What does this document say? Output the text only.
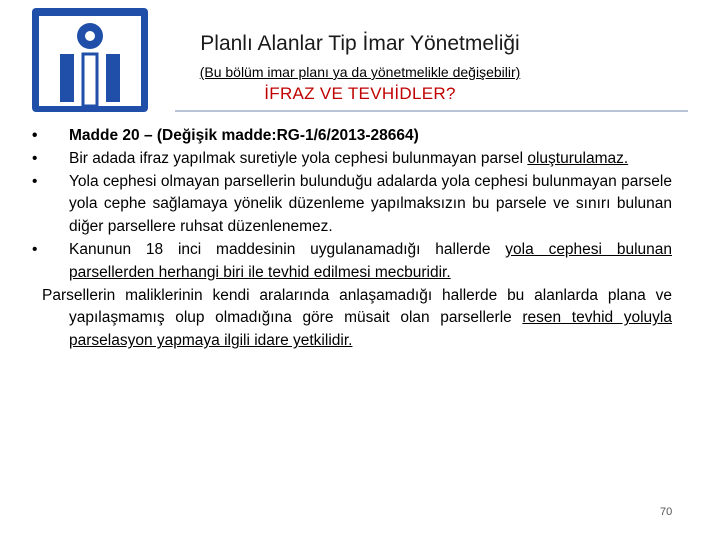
Planlı Alanlar Tip İmar Yönetmeliği
(Bu bölüm imar planı ya da yönetmelikle değişebilir)
İFRAZ VE TEVHİDLER?
• Madde 20 – (Değişik madde:RG-1/6/2013-28664)
• Bir adada ifraz yapılmak suretiyle yola cephesi bulunmayan parsel oluşturulamaz.
• Yola cephesi olmayan parsellerin bulunduğu adalarda yola cephesi bulunmayan parsele yola cephe sağlamaya yönelik düzenleme yapılmaksızın bu parsele ve sınırı bulunan diğer parsellere ruhsat düzenlenemez.
• Kanunun 18 inci maddesinin uygulanamadığı hallerde yola cephesi bulunan parsellerden herhangi biri ile tevhid edilmesi mecburidir.
Parsellerin maliklerinin kendi aralarında anlaşamadığı hallerde bu alanlarda plana ve yapılaşmamış olup olmadığına göre müsait olan parsellerle resen tevhid yoluyla parselasyon yapmaya ilgili idare yetkilidir.
70
